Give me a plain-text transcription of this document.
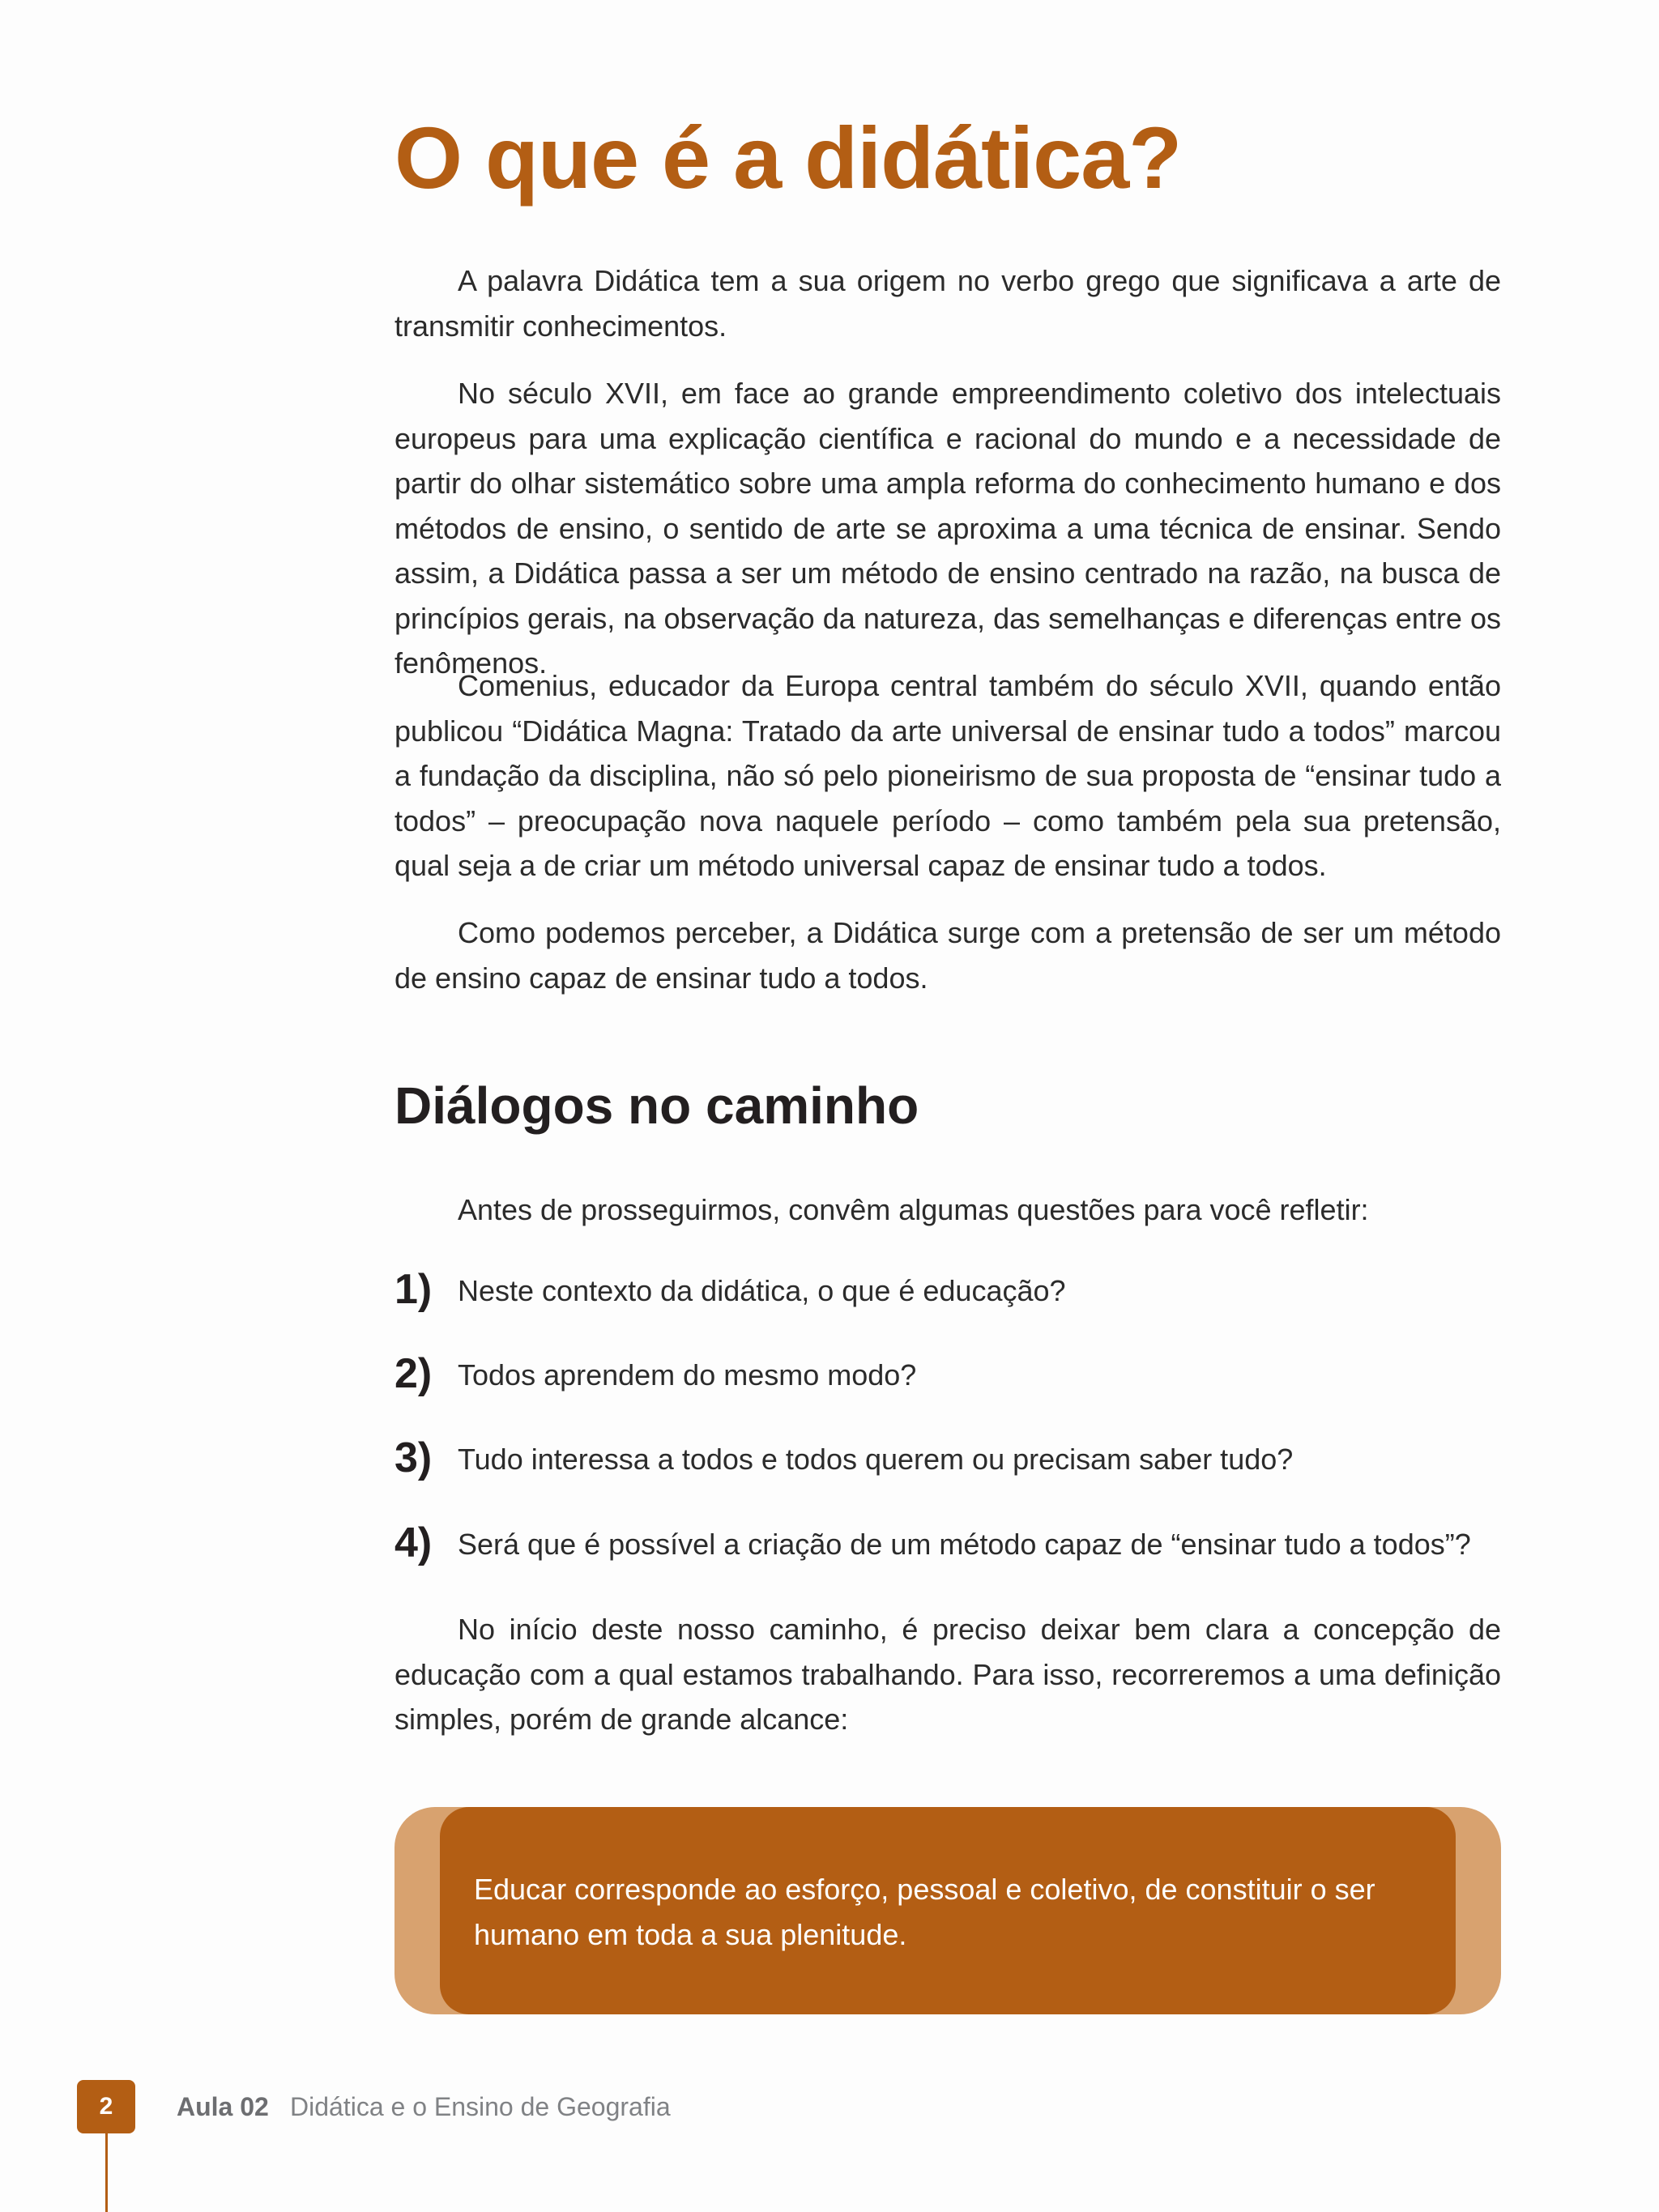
O que é a didática?

A palavra Didática tem a sua origem no verbo grego que significava a arte de transmitir conhecimentos.

No século XVII, em face ao grande empreendimento coletivo dos intelectuais europeus para uma explicação científica e racional do mundo e a necessidade de partir do olhar sistemático sobre uma ampla reforma do conhecimento humano e dos métodos de ensino, o sentido de arte se aproxima a uma técnica de ensinar. Sendo assim, a Didática passa a ser um método de ensino centrado na razão, na busca de princípios gerais, na observação da natureza, das semelhanças e diferenças entre os fenômenos.

Comenius, educador da Europa central também do século XVII, quando então publicou “Didática Magna: Tratado da arte universal de ensinar tudo a todos” marcou a fundação da disciplina, não só pelo pioneirismo de sua proposta de “ensinar tudo a todos” – preocupação nova naquele período – como também pela sua pretensão, qual seja a de criar um método universal capaz de ensinar tudo a todos.

Como podemos perceber, a Didática surge com a pretensão de ser um método de ensino capaz de ensinar tudo a todos.

Diálogos no caminho

Antes de prosseguirmos, convêm algumas questões para você refletir:

1) Neste contexto da didática, o que é educação?
2) Todos aprendem do mesmo modo?
3) Tudo interessa a todos e todos querem ou precisam saber tudo?
4) Será que é possível a criação de um método capaz de “ensinar tudo a todos”?

No início deste nosso caminho, é preciso deixar bem clara a concepção de educação com a qual estamos trabalhando. Para isso, recorreremos a uma definição simples, porém de grande alcance:

Educar corresponde ao esforço, pessoal e coletivo, de constituir o ser humano em toda a sua plenitude.

2	Aula 02 Didática e o Ensino de Geografia
